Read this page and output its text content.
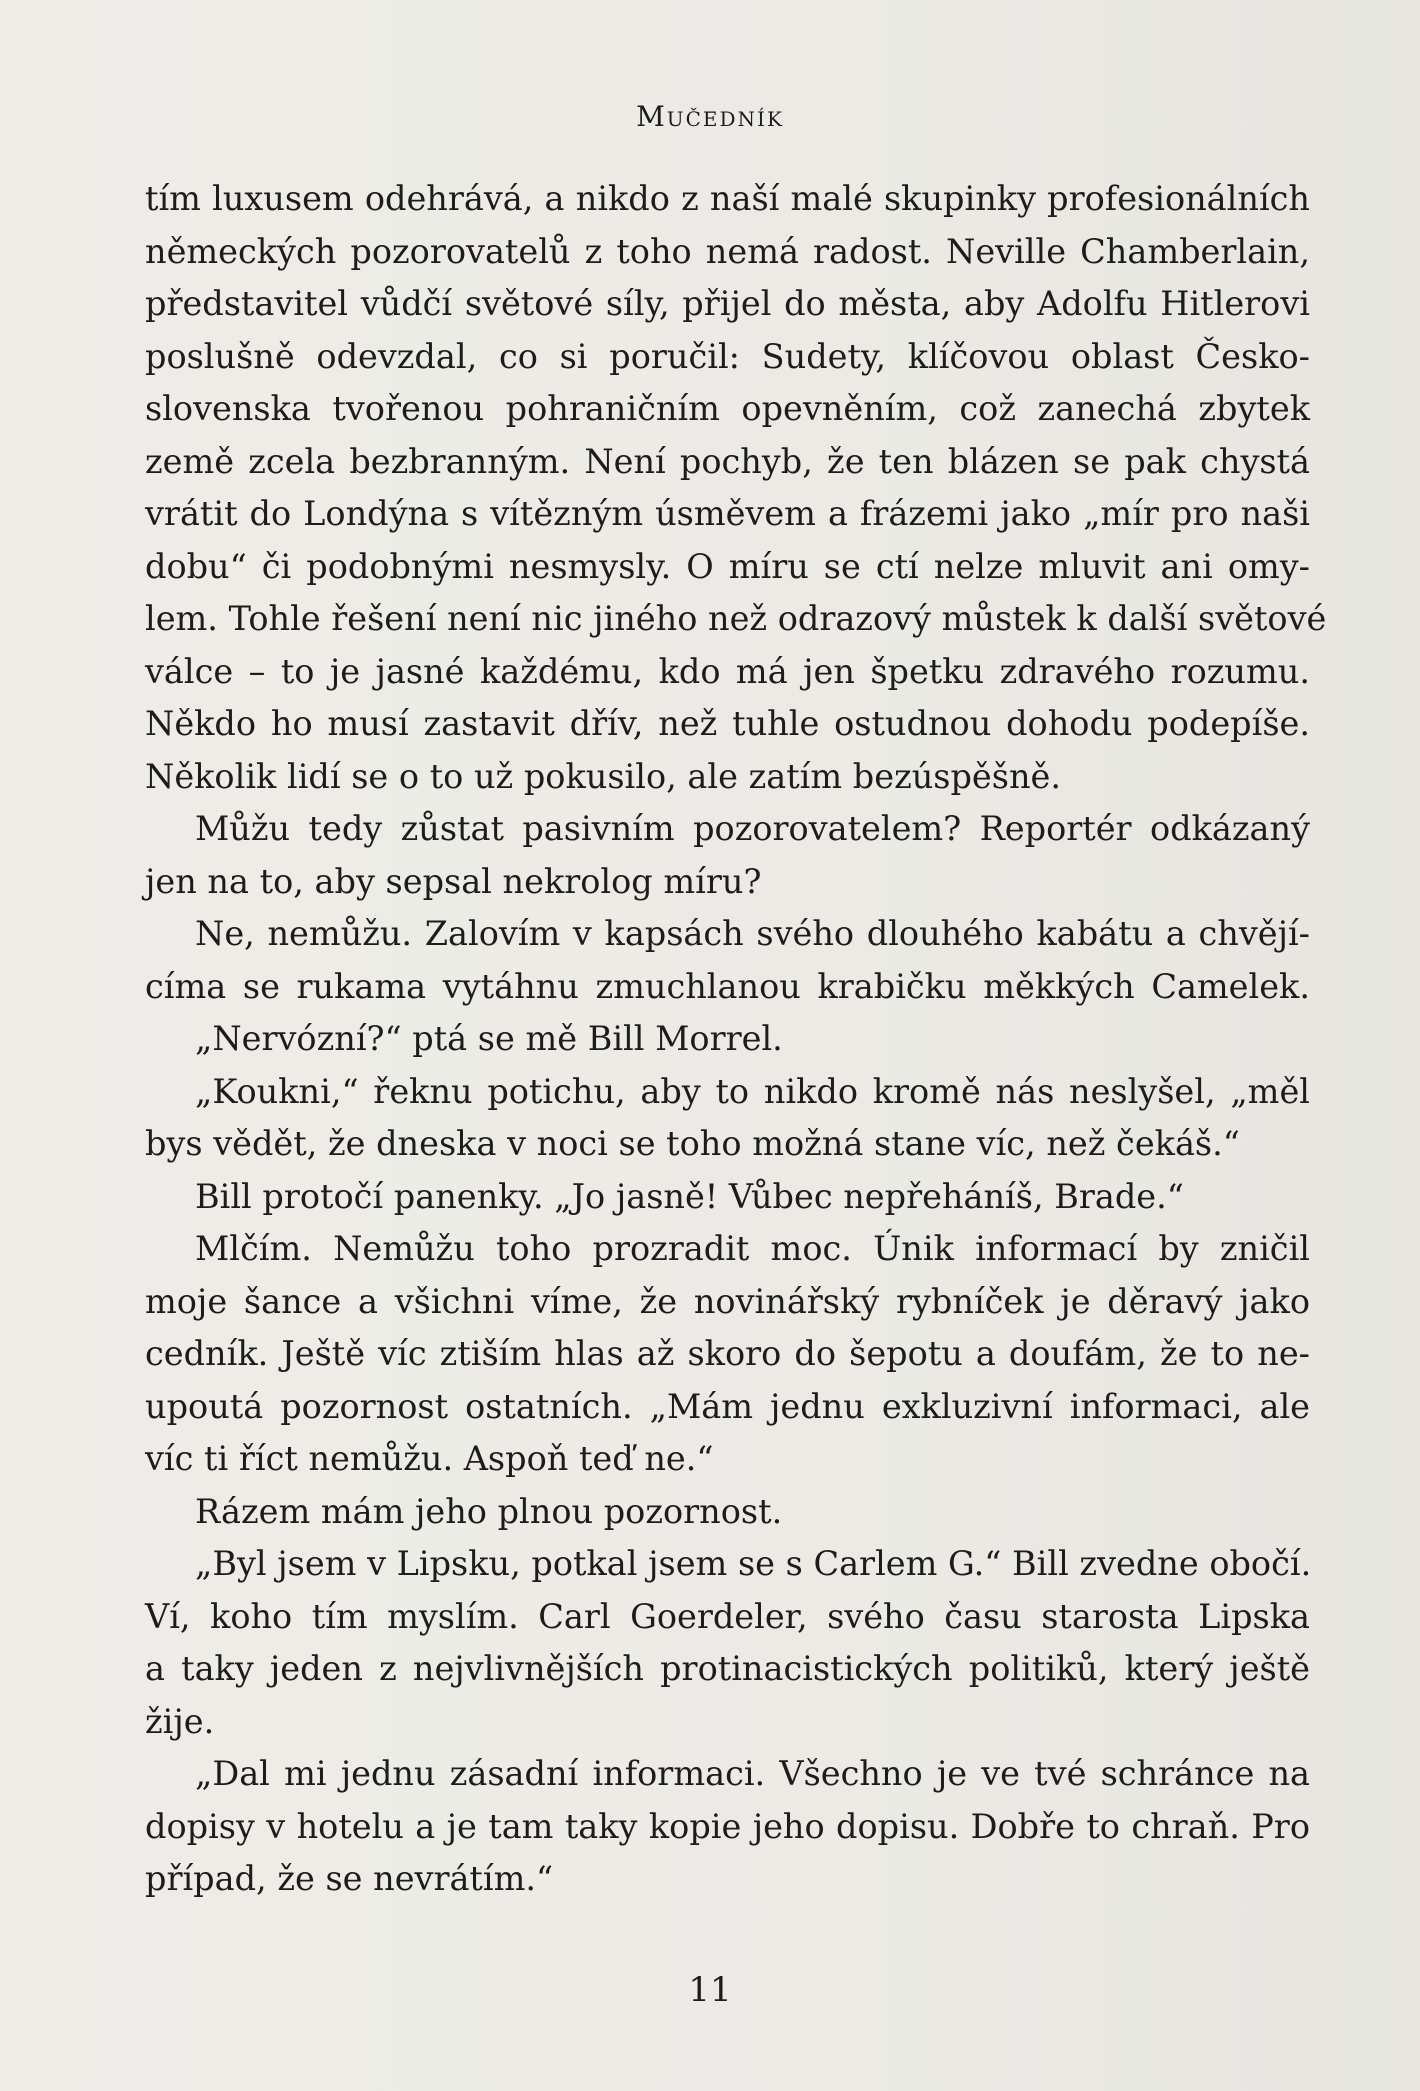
Mučedník
tím luxusem odehrává, a nikdo z naší malé skupinky profesionálních
německých pozorovatelů z toho nemá radost. Neville Chamberlain,
představitel vůdčí světové síly, přijel do města, aby Adolfu Hitlerovi
poslušně odevzdal, co si poručil: Sudety, klíčovou oblast Česko-
slovenska tvořenou pohraničním opevněním, což zanechá zbytek
země zcela bezbranným. Není pochyb, že ten blázen se pak chystá
vrátit do Londýna s vítězným úsměvem a frázemi jako „mír pro naši
dobu“ či podobnými nesmysly. O míru se ctí nelze mluvit ani omy-
lem. Tohle řešení není nic jiného než odrazový můstek k další světové
válce – to je jasné každému, kdo má jen špetku zdravého rozumu.
Někdo ho musí zastavit dřív, než tuhle ostudnou dohodu podepíše.
Několik lidí se o to už pokusilo, ale zatím bezúspěšně.
Můžu tedy zůstat pasivním pozorovatelem? Reportér odkázaný
jen na to, aby sepsal nekrolog míru?
Ne, nemůžu. Zalovím v kapsách svého dlouhého kabátu a chvějí-
címa se rukama vytáhnu zmuchlanou krabičku měkkých Camelek.
„Nervózní?“ ptá se mě Bill Morrel.
„Koukni,“ řeknu potichu, aby to nikdo kromě nás neslyšel, „měl
bys vědět, že dneska v noci se toho možná stane víc, než čekáš.“
Bill protočí panenky. „Jo jasně! Vůbec nepřeháníš, Brade.“
Mlčím. Nemůžu toho prozradit moc. Únik informací by zničil
moje šance a všichni víme, že novinářský rybníček je děravý jako
cedník. Ještě víc ztiším hlas až skoro do šepotu a doufám, že to ne-
upoutá pozornost ostatních. „Mám jednu exkluzivní informaci, ale
víc ti říct nemůžu. Aspoň teď ne.“
Rázem mám jeho plnou pozornost.
„Byl jsem v Lipsku, potkal jsem se s Carlem G.“ Bill zvedne obočí.
Ví, koho tím myslím. Carl Goerdeler, svého času starosta Lipska
a taky jeden z nejvlivnějších protinacistických politiků, který ještě
žije.
„Dal mi jednu zásadní informaci. Všechno je ve tvé schránce na
dopisy v hotelu a je tam taky kopie jeho dopisu. Dobře to chraň. Pro
případ, že se nevrátím.“
11
